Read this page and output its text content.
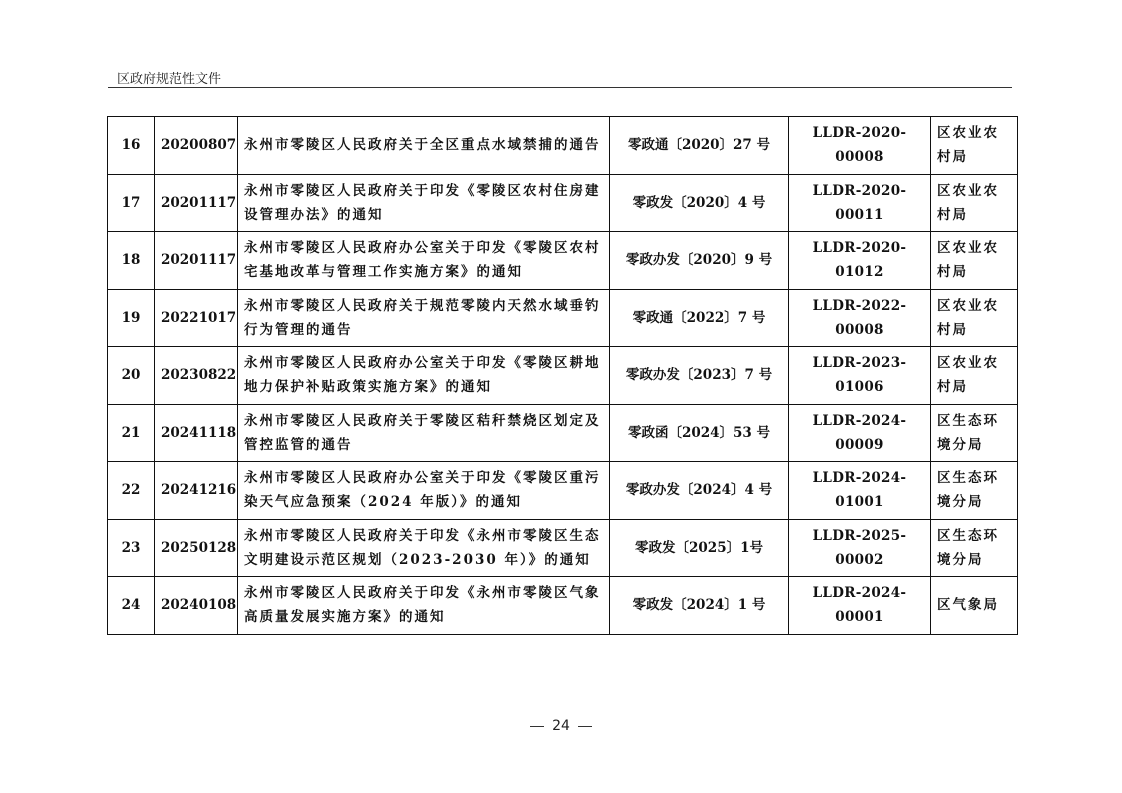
区政府规范性文件
16	20200807	永州市零陵区人民政府关于全区重点水域禁捕的通告	零政通〔2020〕27 号	LLDR-2020-00008	区农业农村局
17	20201117	永州市零陵区人民政府关于印发《零陵区农村住房建设管理办法》的通知	零政发〔2020〕4 号	LLDR-2020-00011	区农业农村局
18	20201117	永州市零陵区人民政府办公室关于印发《零陵区农村宅基地改革与管理工作实施方案》的通知	零政办发〔2020〕9 号	LLDR-2020-01012	区农业农村局
19	20221017	永州市零陵区人民政府关于规范零陵内天然水域垂钓行为管理的通告	零政通〔2022〕7 号	LLDR-2022-00008	区农业农村局
20	20230822	永州市零陵区人民政府办公室关于印发《零陵区耕地地力保护补贴政策实施方案》的通知	零政办发〔2023〕7 号	LLDR-2023-01006	区农业农村局
21	20241118	永州市零陵区人民政府关于零陵区秸秆禁烧区划定及管控监管的通告	零政函〔2024〕53 号	LLDR-2024-00009	区生态环境分局
22	20241216	永州市零陵区人民政府办公室关于印发《零陵区重污染天气应急预案（2024 年版）》的通知	零政办发〔2024〕4 号	LLDR-2024-01001	区生态环境分局
23	20250128	永州市零陵区人民政府关于印发《永州市零陵区生态文明建设示范区规划（2023-2030 年）》的通知	零政发〔2025〕1号	LLDR-2025-00002	区生态环境分局
24	20240108	永州市零陵区人民政府关于印发《永州市零陵区气象高质量发展实施方案》的通知	零政发〔2024〕1 号	LLDR-2024-00001	区气象局
24
